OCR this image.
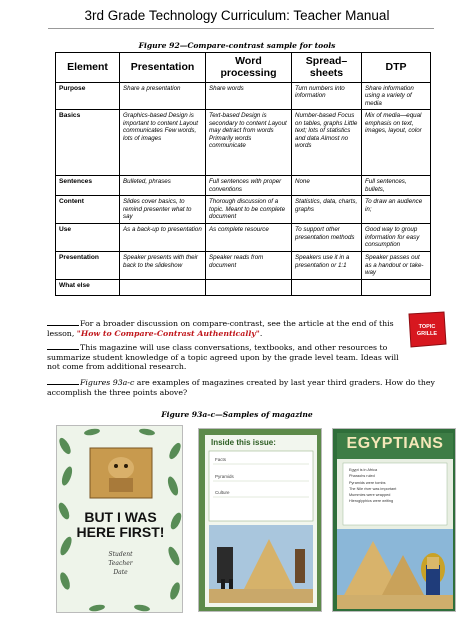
3rd Grade Technology Curriculum: Teacher Manual
Figure 92—Compare-contrast sample for tools
Element	Presentation	Word processing	Spread–sheets	DTP
Purpose	Share a presentation	Share words	Turn numbers into information	Share information using a variety of media
Basics	Graphics-based Design is important to content Layout communicates Few words, lots of images	Text-based Design is secondary to content Layout may detract from words Primarily words communicate	Number-based Focus on tables, graphs Little text; lots of statistics and data Almost no words	Mix of media—equal emphasis on text, images, layout, color
Sentences	Bulleted, phrases	Full sentences with proper conventions	None	Full sentences, bullets,
Content	Slides cover basics, to remind presenter what to say	Thorough discussion of a topic. Meant to be complete document	Statistics, data, charts, graphs	To draw an audience in;
Use	As a back-up to presentation	As complete resource	To support other presentation methods	Good way to group information for easy consumption
Presentation	Speaker presents with their back to the slideshow	Speaker reads from document	Speakers use it in a presentation or 1:1	Speaker passes out as a handout or take-way
What else				
For a broader discussion on compare-contrast, see the article at the end of this lesson, "How to Compare-Contrast Authentically".
This magazine will use class conversations, textbooks, and other resources to summarize student knowledge of a topic agreed upon by the grade level team. Ideas will not come from additional research.
Figures 93a-c are examples of magazines created by last year third graders. How do they accomplish the three points above?
TOPIC
GRILLE
Figure 93a-c—Samples of magazine
BUT I WAS
HERE FIRST!
Student
Teacher
Date
Inside this issue:
Facts
Pyramids
Culture
EGYPTIANS
Egypt is in Africa
Pharaohs ruled
Pyramids were tombs
The Nile river was important
Mummies were wrapped
Hieroglyphics were writing
